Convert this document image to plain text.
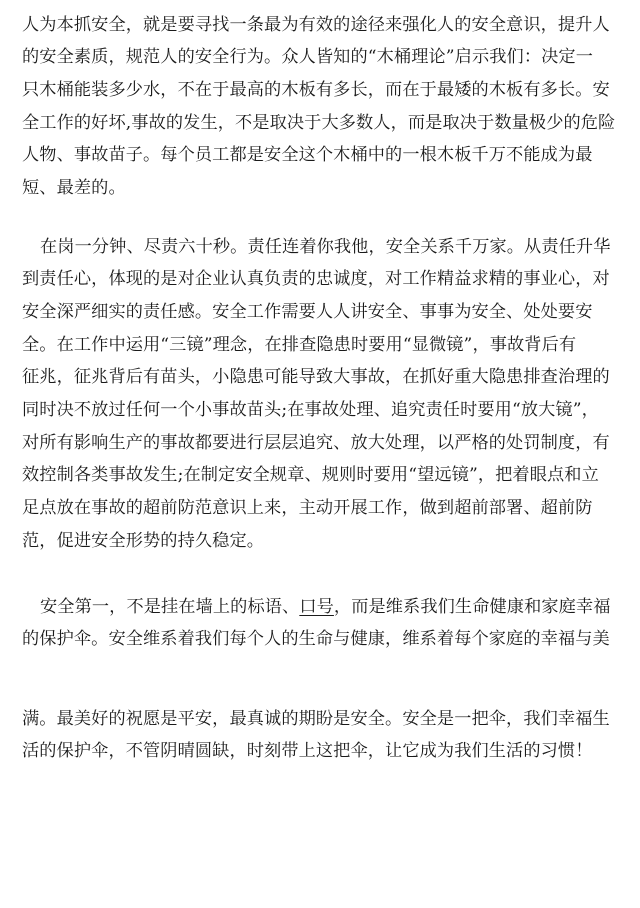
人为本抓安全，就是要寻找一条最为有效的途径来强化人的安全意识，提升人
的安全素质，规范人的安全行为。众人皆知的“木桶理论”启示我们：决定一
只木桶能装多少水，不在于最高的木板有多长，而在于最矮的木板有多长。安
全工作的好坏,事故的发生，不是取决于大多数人，而是取决于数量极少的危险
人物、事故苗子。每个员工都是安全这个木桶中的一根木板千万不能成为最
短、最差的。
在岗一分钟、尽责六十秒。责任连着你我他，安全关系千万家。从责任升华
到责任心，体现的是对企业认真负责的忠诚度，对工作精益求精的事业心，对
安全深严细实的责任感。安全工作需要人人讲安全、事事为安全、处处要安
全。在工作中运用“三镜”理念，在排查隐患时要用“显微镜”，事故背后有
征兆，征兆背后有苗头，小隐患可能导致大事故，在抓好重大隐患排查治理的
同时决不放过任何一个小事故苗头;在事故处理、追究责任时要用“放大镜”，
对所有影响生产的事故都要进行层层追究、放大处理，以严格的处罚制度，有
效控制各类事故发生;在制定安全规章、规则时要用“望远镜”，把着眼点和立
足点放在事故的超前防范意识上来，主动开展工作，做到超前部署、超前防
范，促进安全形势的持久稳定。
安全第一，不是挂在墙上的标语、口号，而是维系我们生命健康和家庭幸福
的保护伞。安全维系着我们每个人的生命与健康，维系着每个家庭的幸福与美
满。最美好的祝愿是平安，最真诚的期盼是安全。安全是一把伞，我们幸福生
活的保护伞，不管阴晴圆缺，时刻带上这把伞，让它成为我们生活的习惯！
